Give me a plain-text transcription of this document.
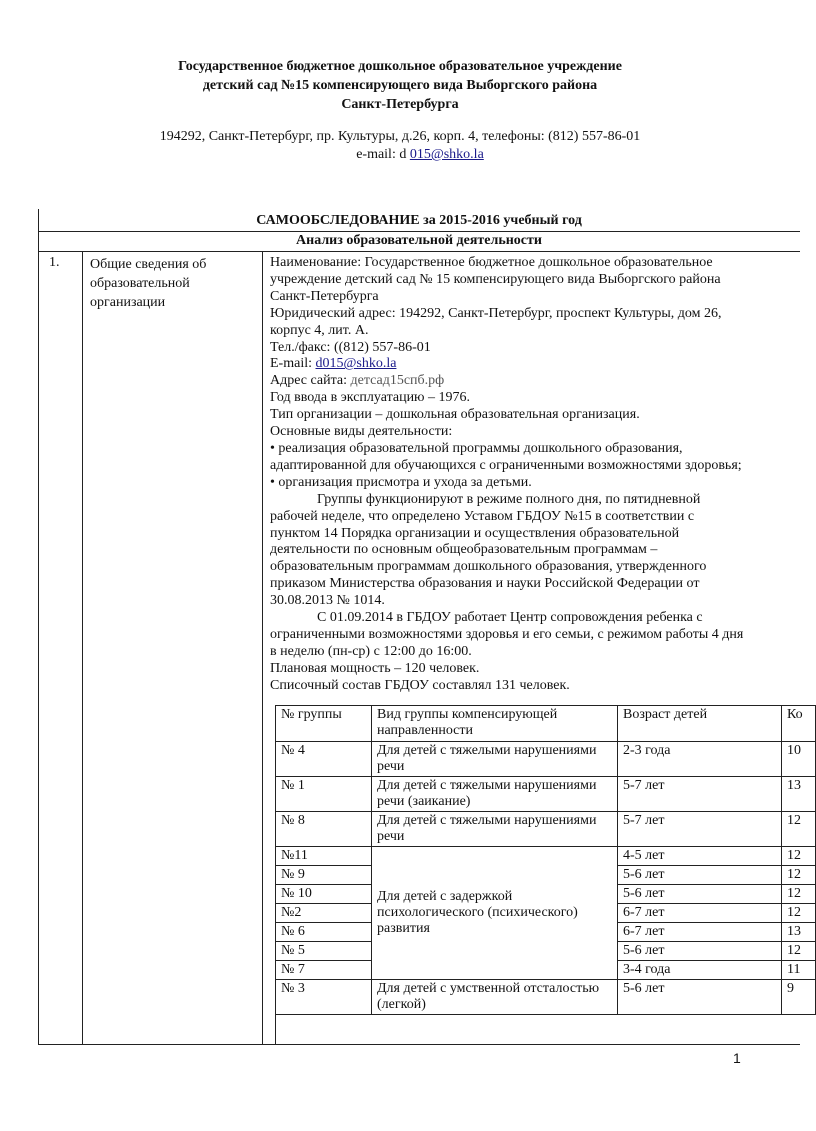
Государственное бюджетное дошкольное образовательное учреждение
детский сад №15 компенсирующего вида Выборгского района
Санкт-Петербурга
194292, Санкт-Петербург, пр. Культуры, д.26, корп. 4, телефоны: (812) 557-86-01
e-mail: d 015@shko.la
САМООБСЛЕДОВАНИЕ за 2015-2016 учебный год
Анализ образовательной деятельности
1. Общие сведения об образовательной организации
Наименование: Государственное бюджетное дошкольное образовательное
учреждение детский сад № 15 компенсирующего вида Выборгского района
Санкт-Петербурга
Юридический адрес: 194292, Санкт-Петербург, проспект Культуры, дом 26,
корпус 4, лит. А.
Тел./факс: ((812) 557-86-01
E-mail: d015@shko.la
Адрес сайта: детсад15спб.рф
Год ввода в эксплуатацию – 1976.
Тип организации – дошкольная образовательная организация.
Основные виды деятельности:
• реализация образовательной программы дошкольного образования,
адаптированной для обучающихся с ограниченными возможностями здоровья;
• организация присмотра и ухода за детьми.
Группы функционируют в режиме полного дня, по пятидневной
рабочей неделе, что определено Уставом ГБДОУ №15 в соответствии с
пунктом 14 Порядка организации и осуществления образовательной
деятельности по основным общеобразовательным программам –
образовательным программам дошкольного образования, утвержденного
приказом Министерства образования и науки Российской Федерации от
30.08.2013 № 1014.
С 01.09.2014 в ГБДОУ работает Центр сопровождения ребенка с
ограниченными возможностями здоровья и его семьи, с режимом работы 4 дня
в неделю (пн-ср) с 12:00 до 16:00.
Плановая мощность – 120 человек.
Списочный состав ГБДОУ составлял 131 человек.
№ группы	Вид группы компенсирующей направленности	Возраст детей	Ко
№ 4	Для детей с тяжелыми нарушениями речи	2-3 года	10
№ 1	Для детей с тяжелыми нарушениями речи (заикание)	5-7 лет	13
№ 8	Для детей с тяжелыми нарушениями речи	5-7 лет	12
№11	Для детей с задержкой психологического (психического) развития	4-5 лет	12
№ 9		5-6 лет	12
№ 10		5-6 лет	12
№2		6-7 лет	12
№ 6		6-7 лет	13
№ 5		5-6 лет	12
№ 7		3-4 года	11
№ 3	Для детей с умственной отсталостью (легкой)	5-6 лет	9
1
